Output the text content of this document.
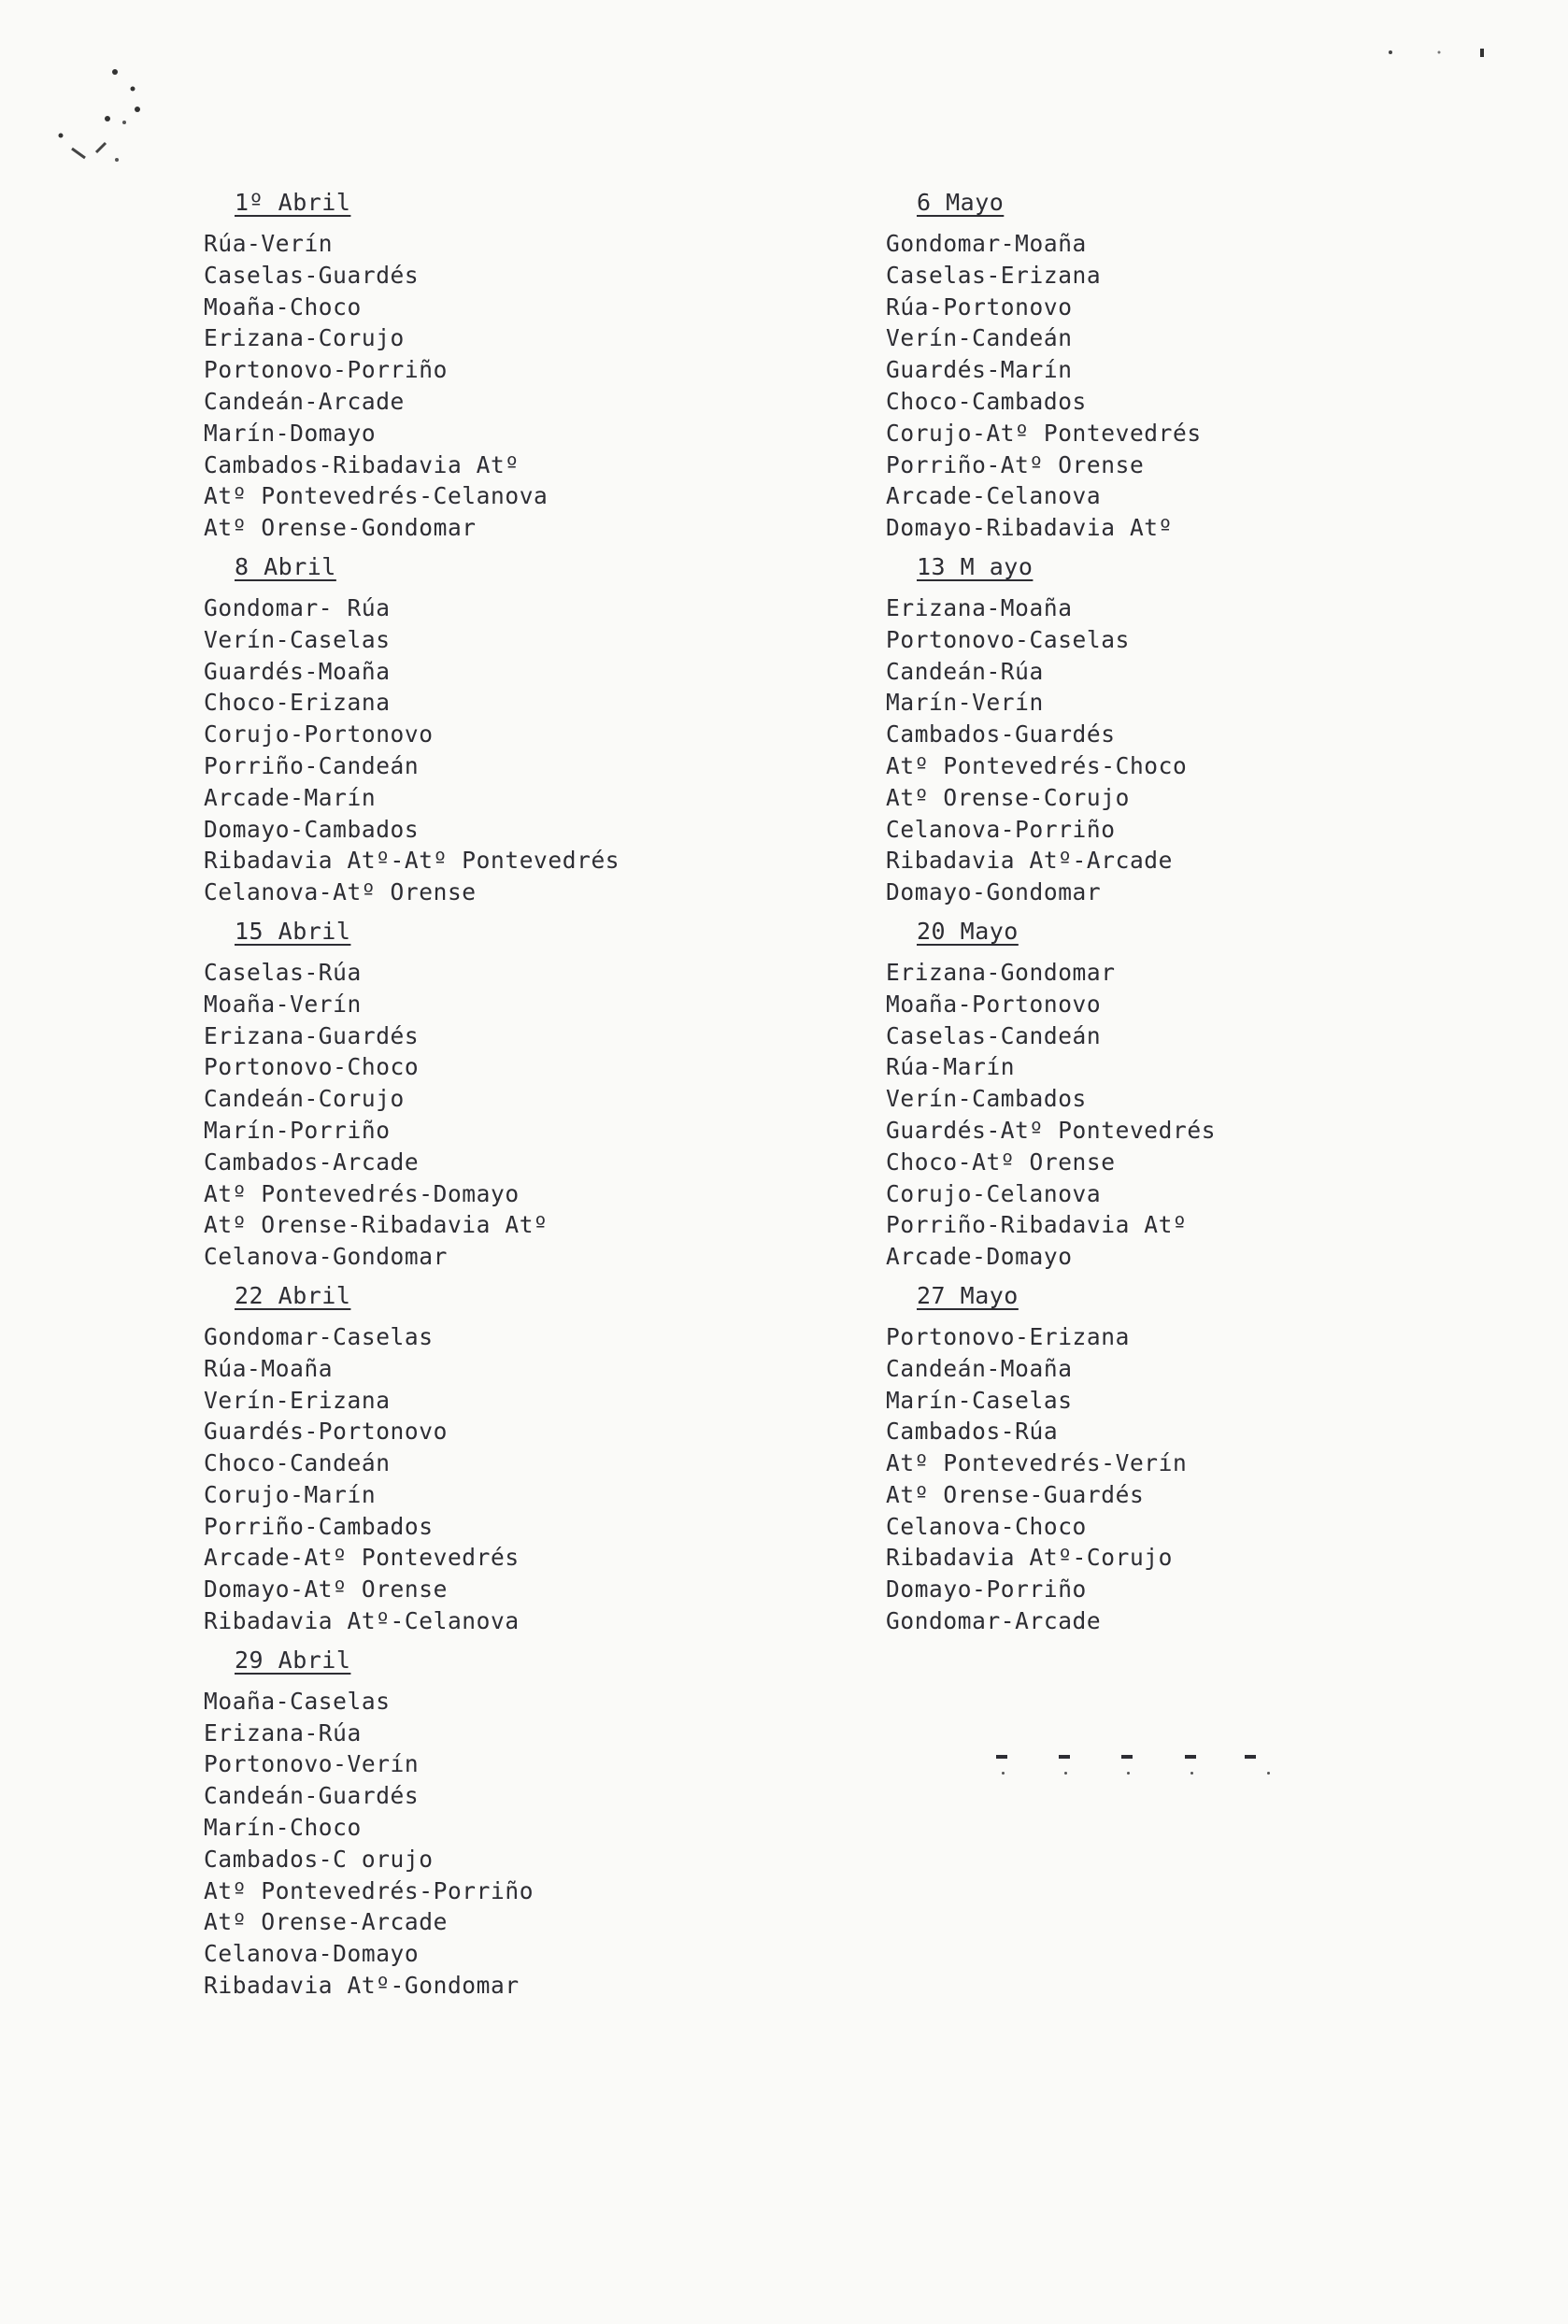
1º Abril
Rúa-Verín
Caselas-Guardés
Moaña-Choco
Erizana-Corujo
Portonovo-Porriño
Candeán-Arcade
Marín-Domayo
Cambados-Ribadavia Atº
Atº Pontevedrés-Celanova
Atº Orense-Gondomar
8 Abril
Gondomar- Rúa
Verín-Caselas
Guardés-Moaña
Choco-Erizana
Corujo-Portonovo
Porriño-Candeán
Arcade-Marín
Domayo-Cambados
Ribadavia Atº-Atº Pontevedrés
Celanova-Atº Orense
15 Abril
Caselas-Rúa
Moaña-Verín
Erizana-Guardés
Portonovo-Choco
Candeán-Corujo
Marín-Porriño
Cambados-Arcade
Atº Pontevedrés-Domayo
Atº Orense-Ribadavia Atº
Celanova-Gondomar
22 Abril
Gondomar-Caselas
Rúa-Moaña
Verín-Erizana
Guardés-Portonovo
Choco-Candeán
Corujo-Marín
Porriño-Cambados
Arcade-Atº Pontevedrés
Domayo-Atº Orense
Ribadavia Atº-Celanova
29 Abril
Moaña-Caselas
Erizana-Rúa
Portonovo-Verín
Candeán-Guardés
Marín-Choco
Cambados-C orujo
Atº Pontevedrés-Porriño
Atº Orense-Arcade
Celanova-Domayo
Ribadavia Atº-Gondomar
6 Mayo
Gondomar-Moaña
Caselas-Erizana
Rúa-Portonovo
Verín-Candeán
Guardés-Marín
Choco-Cambados
Corujo-Atº Pontevedrés
Porriño-Atº Orense
Arcade-Celanova
Domayo-Ribadavia Atº
13 M ayo
Erizana-Moaña
Portonovo-Caselas
Candeán-Rúa
Marín-Verín
Cambados-Guardés
Atº Pontevedrés-Choco
Atº Orense-Corujo
Celanova-Porriño
Ribadavia Atº-Arcade
Domayo-Gondomar
20 Mayo
Erizana-Gondomar
Moaña-Portonovo
Caselas-Candeán
Rúa-Marín
Verín-Cambados
Guardés-Atº Pontevedrés
Choco-Atº Orense
Corujo-Celanova
Porriño-Ribadavia Atº
Arcade-Domayo
27 Mayo
Portonovo-Erizana
Candeán-Moaña
Marín-Caselas
Cambados-Rúa
Atº Pontevedrés-Verín
Atº Orense-Guardés
Celanova-Choco
Ribadavia Atº-Corujo
Domayo-Porriño
Gondomar-Arcade
